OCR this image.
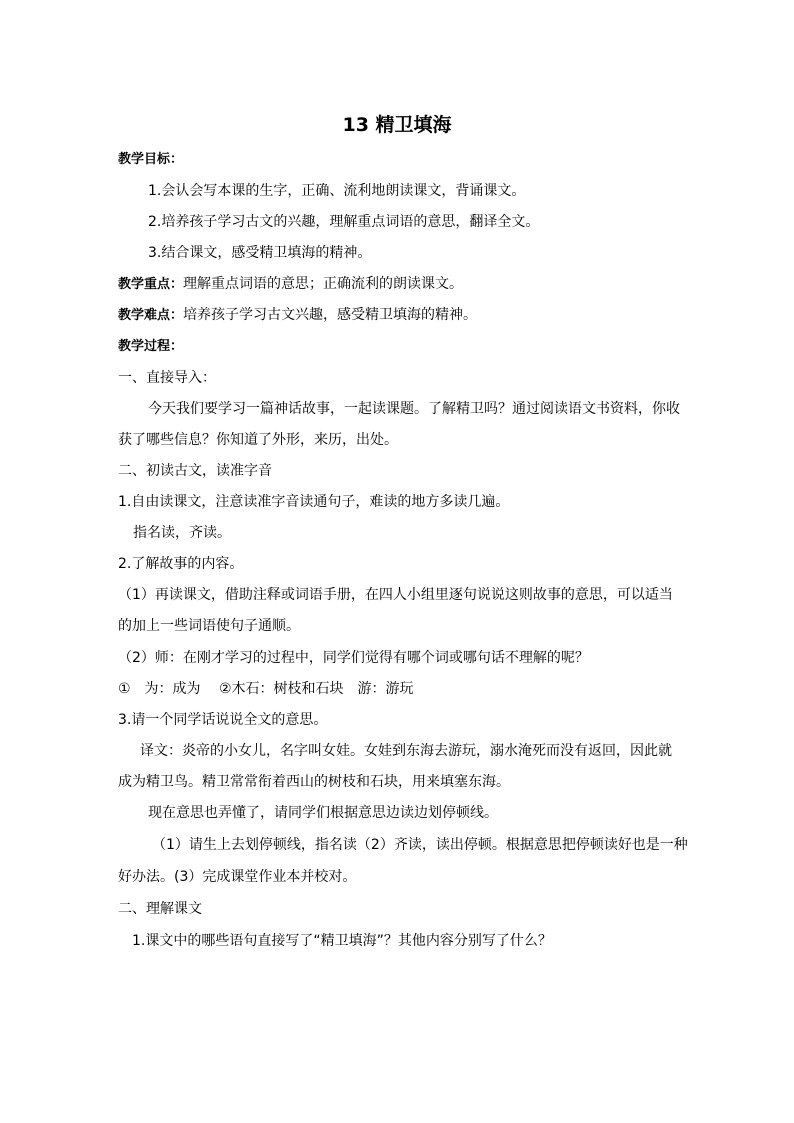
13 精卫填海
教学目标：
1.会认会写本课的生字，正确、流利地朗读课文，背诵课文。
2.培养孩子学习古文的兴趣，理解重点词语的意思，翻译全文。
3.结合课文，感受精卫填海的精神。
教学重点：理解重点词语的意思；正确流利的朗读课文。
教学难点：培养孩子学习古文兴趣，感受精卫填海的精神。
教学过程：
一、直接导入：
今天我们要学习一篇神话故事，一起读课题。了解精卫吗？通过阅读语文书资料，你收
获了哪些信息？你知道了外形，来历，出处。
二、初读古文，读准字音
1.自由读课文，注意读准字音读通句子，难读的地方多读几遍。
指名读，齐读。
2.了解故事的内容。
（1）再读课文，借助注释或词语手册，在四人小组里逐句说说这则故事的意思，可以适当
的加上一些词语使句子通顺。
（2）师：在刚才学习的过程中，同学们觉得有哪个词或哪句话不理解的呢？
①　为：成为　 ②木石：树枝和石块　游：游玩
3.请一个同学话说说全文的意思。
译文：炎帝的小女儿，名字叫女娃。女娃到东海去游玩，溺水淹死而没有返回，因此就
成为精卫鸟。精卫常常衔着西山的树枝和石块，用来填塞东海。
现在意思也弄懂了，请同学们根据意思边读边划停顿线。
（1）请生上去划停顿线，指名读（2）齐读，读出停顿。根据意思把停顿读好也是一种
好办法。(3）完成课堂作业本并校对。
二、理解课文
1.课文中的哪些语句直接写了“精卫填海”？其他内容分别写了什么？
